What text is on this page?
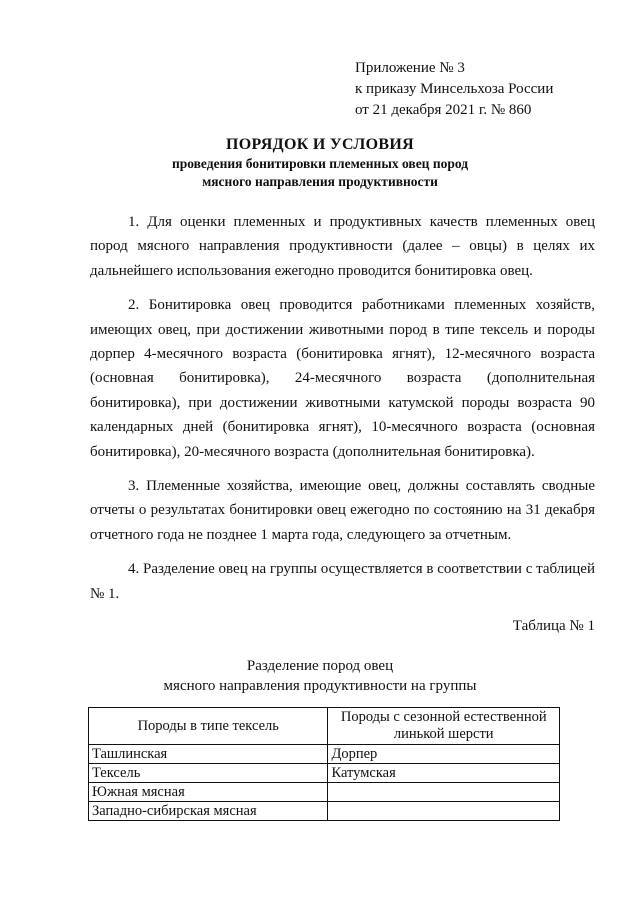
Приложение № 3
к приказу Минсельхоза России
от 21 декабря 2021 г. № 860
ПОРЯДОК И УСЛОВИЯ
проведения бонитировки племенных овец пород
мясного направления продуктивности

1. Для оценки племенных и продуктивных качеств племенных овец пород мясного направления продуктивности (далее – овцы) в целях их дальнейшего использования ежегодно проводится бонитировка овец.

2. Бонитировка овец проводится работниками племенных хозяйств, имеющих овец, при достижении животными пород в типе тексель и породы дорпер 4-месячного возраста (бонитировка ягнят), 12-месячного возраста (основная бонитировка), 24-месячного возраста (дополнительная бонитировка), при достижении животными катумской породы возраста 90 календарных дней (бонитировка ягнят), 10-месячного возраста (основная бонитировка), 20-месячного возраста (дополнительная бонитировка).

3. Племенные хозяйства, имеющие овец, должны составлять сводные отчеты о результатах бонитировки овец ежегодно по состоянию на 31 декабря отчетного года не позднее 1 марта года, следующего за отчетным.

4. Разделение овец на группы осуществляется в соответствии с таблицей № 1.

Таблица № 1
Разделение пород овец
мясного направления продуктивности на группы
Породы в типе тексель	Породы с сезонной естественной линькой шерсти
Ташлинская	Дорпер
Тексель	Катумская
Южная мясная	
Западно-сибирская мясная	
